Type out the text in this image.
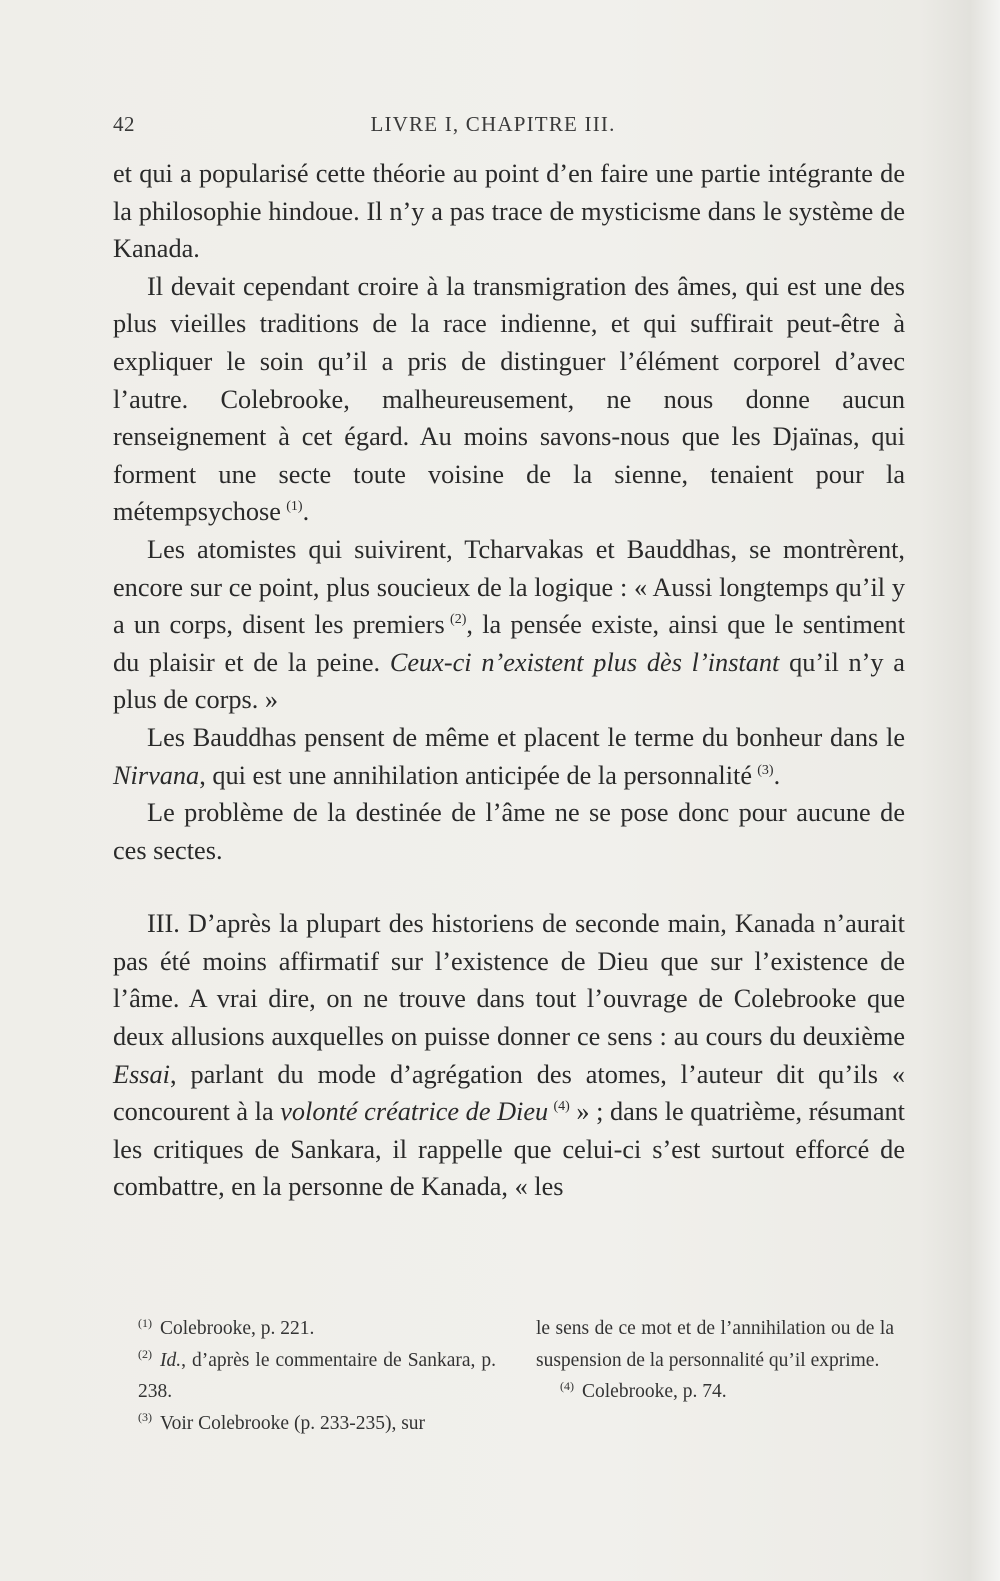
42	LIVRE I, CHAPITRE III.

et qui a popularisé cette théorie au point d’en faire une partie intégrante de la philosophie hindoue. Il n’y a pas trace de mysticisme dans le système de Kanada.

Il devait cependant croire à la transmigration des âmes, qui est une des plus vieilles traditions de la race indienne, et qui suffirait peut-être à expliquer le soin qu’il a pris de distinguer l’élément corporel d’avec l’autre. Colebrooke, malheureusement, ne nous donne aucun renseignement à cet égard. Au moins savons-nous que les Djaïnas, qui forment une secte toute voisine de la sienne, tenaient pour la métempsychose  $^{(1)}$.

Les atomistes qui suivirent, Tcharvakas et Bauddhas, se montrèrent, encore sur ce point, plus soucieux de la logique : « Aussi longtemps qu’il y a un corps, disent les premiers  $^{(2)}$, la pensée existe, ainsi que le sentiment du plaisir et de la peine. Ceux-ci n’existent plus dès l’instant qu’il n’y a plus de corps. »

Les Bauddhas pensent de même et placent le terme du bonheur dans le Nirvana, qui est une annihilation anticipée de la personnalité  $^{(3)}$.

Le problème de la destinée de l’âme ne se pose donc pour aucune de ces sectes.

III. D’après la plupart des historiens de seconde main, Kanada n’aurait pas été moins affirmatif sur l’existence de Dieu que sur l’existence de l’âme. A vrai dire, on ne trouve dans tout l’ouvrage de Colebrooke que deux allusions auxquelles on puisse donner ce sens : au cours du deuxième Essai, parlant du mode d’agrégation des atomes, l’auteur dit qu’ils « concourent à la volonté créatrice de Dieu  $^{(4)}$ » ; dans le quatrième, résumant les critiques de Sankara, il rappelle que celui-ci s’est surtout efforcé de combattre, en la personne de Kanada, « les

$^{(1)}$ Colebrooke, p. 221.

$^{(2)}$ Id., d’après le commentaire de Sankara, p. 238.

$^{(3)}$ Voir Colebrooke (p. 233-235), sur

le sens de ce mot et de l’annihilation ou de la suspension de la personnalité qu’il exprime.

$^{(4)}$ Colebrooke, p. 74.
